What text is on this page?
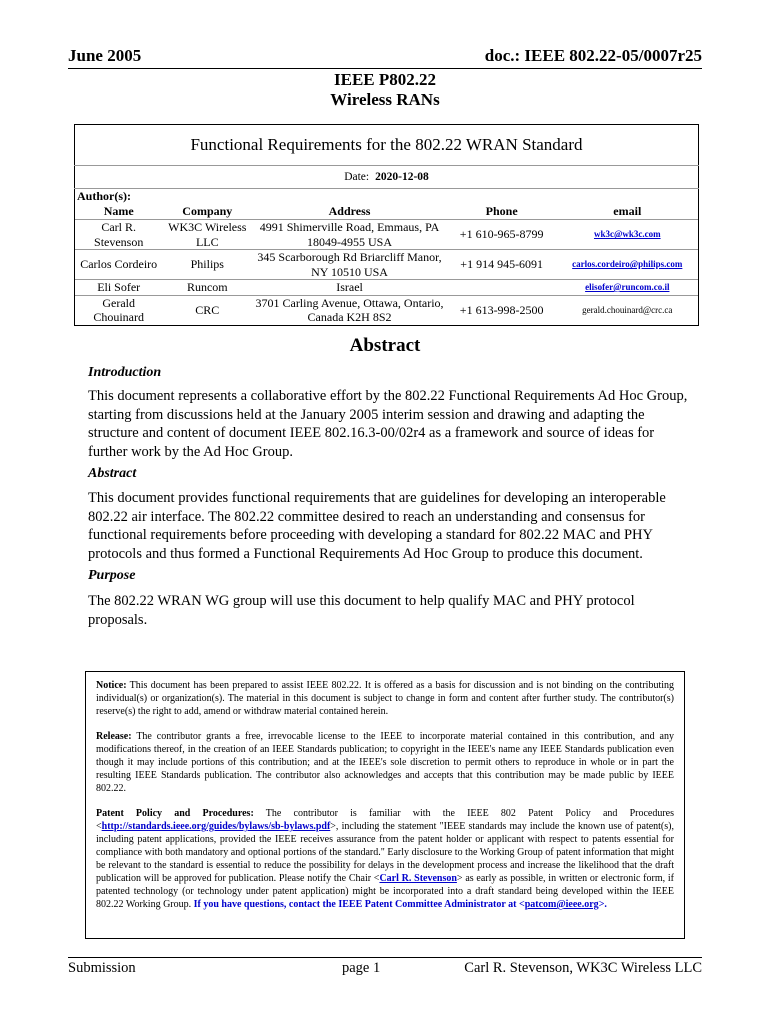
June 2005	doc.: IEEE 802.22-05/0007r25
IEEE P802.22
Wireless RANs
Functional Requirements for the 802.22 WRAN Standard				
Date: 2020-12-08				
Author(s):				
Name	Company	Address	Phone	email
Carl R. Stevenson	WK3C Wireless LLC	4991 Shimerville Road, Emmaus, PA 18049-4955 USA	+1 610-965-8799	wk3c@wk3c.com
Carlos Cordeiro	Philips	345 Scarborough Rd Briarcliff Manor, NY 10510 USA	+1 914 945-6091	carlos.cordeiro@philips.com
Eli Sofer	Runcom	Israel		elisofer@runcom.co.il
Gerald Chouinard	CRC	3701 Carling Avenue, Ottawa, Ontario, Canada K2H 8S2	+1 613-998-2500	gerald.chouinard@crc.ca
Abstract
Introduction
This document represents a collaborative effort by the 802.22 Functional Requirements Ad Hoc Group, starting from discussions held at the January 2005 interim session and drawing and adapting the structure and content of document IEEE 802.16.3-00/02r4 as a framework and source of ideas for further work by the Ad Hoc Group.
Abstract
This document provides functional requirements that are guidelines for developing an interoperable 802.22 air interface. The 802.22 committee desired to reach an understanding and consensus for functional requirements before proceeding with developing a standard for 802.22 MAC and PHY protocols and thus formed a Functional Requirements Ad Hoc Group to produce this document.
Purpose
The 802.22 WRAN WG group will use this document to help qualify MAC and PHY protocol proposals.

Notice: This document has been prepared to assist IEEE 802.22. It is offered as a basis for discussion and is not binding on the contributing individual(s) or organization(s). The material in this document is subject to change in form and content after further study. The contributor(s) reserve(s) the right to add, amend or withdraw material contained herein.

Release: The contributor grants a free, irrevocable license to the IEEE to incorporate material contained in this contribution, and any modifications thereof, in the creation of an IEEE Standards publication; to copyright in the IEEE's name any IEEE Standards publication even though it may include portions of this contribution; and at the IEEE's sole discretion to permit others to reproduce in whole or in part the resulting IEEE Standards publication. The contributor also acknowledges and accepts that this contribution may be made public by IEEE 802.22.

Patent Policy and Procedures: The contributor is familiar with the IEEE 802 Patent Policy and Procedures <http://standards.ieee.org/guides/bylaws/sb-bylaws.pdf>, including the statement "IEEE standards may include the known use of patent(s), including patent applications, provided the IEEE receives assurance from the patent holder or applicant with respect to patents essential for compliance with both mandatory and optional portions of the standard." Early disclosure to the Working Group of patent information that might be relevant to the standard is essential to reduce the possibility for delays in the development process and increase the likelihood that the draft publication will be approved for publication. Please notify the Chair <Carl R. Stevenson> as early as possible, in written or electronic form, if patented technology (or technology under patent application) might be incorporated into a draft standard being developed within the IEEE 802.22 Working Group. If you have questions, contact the IEEE Patent Committee Administrator at <patcom@ieee.org>.

Submission	page 1	Carl R. Stevenson, WK3C Wireless LLC
